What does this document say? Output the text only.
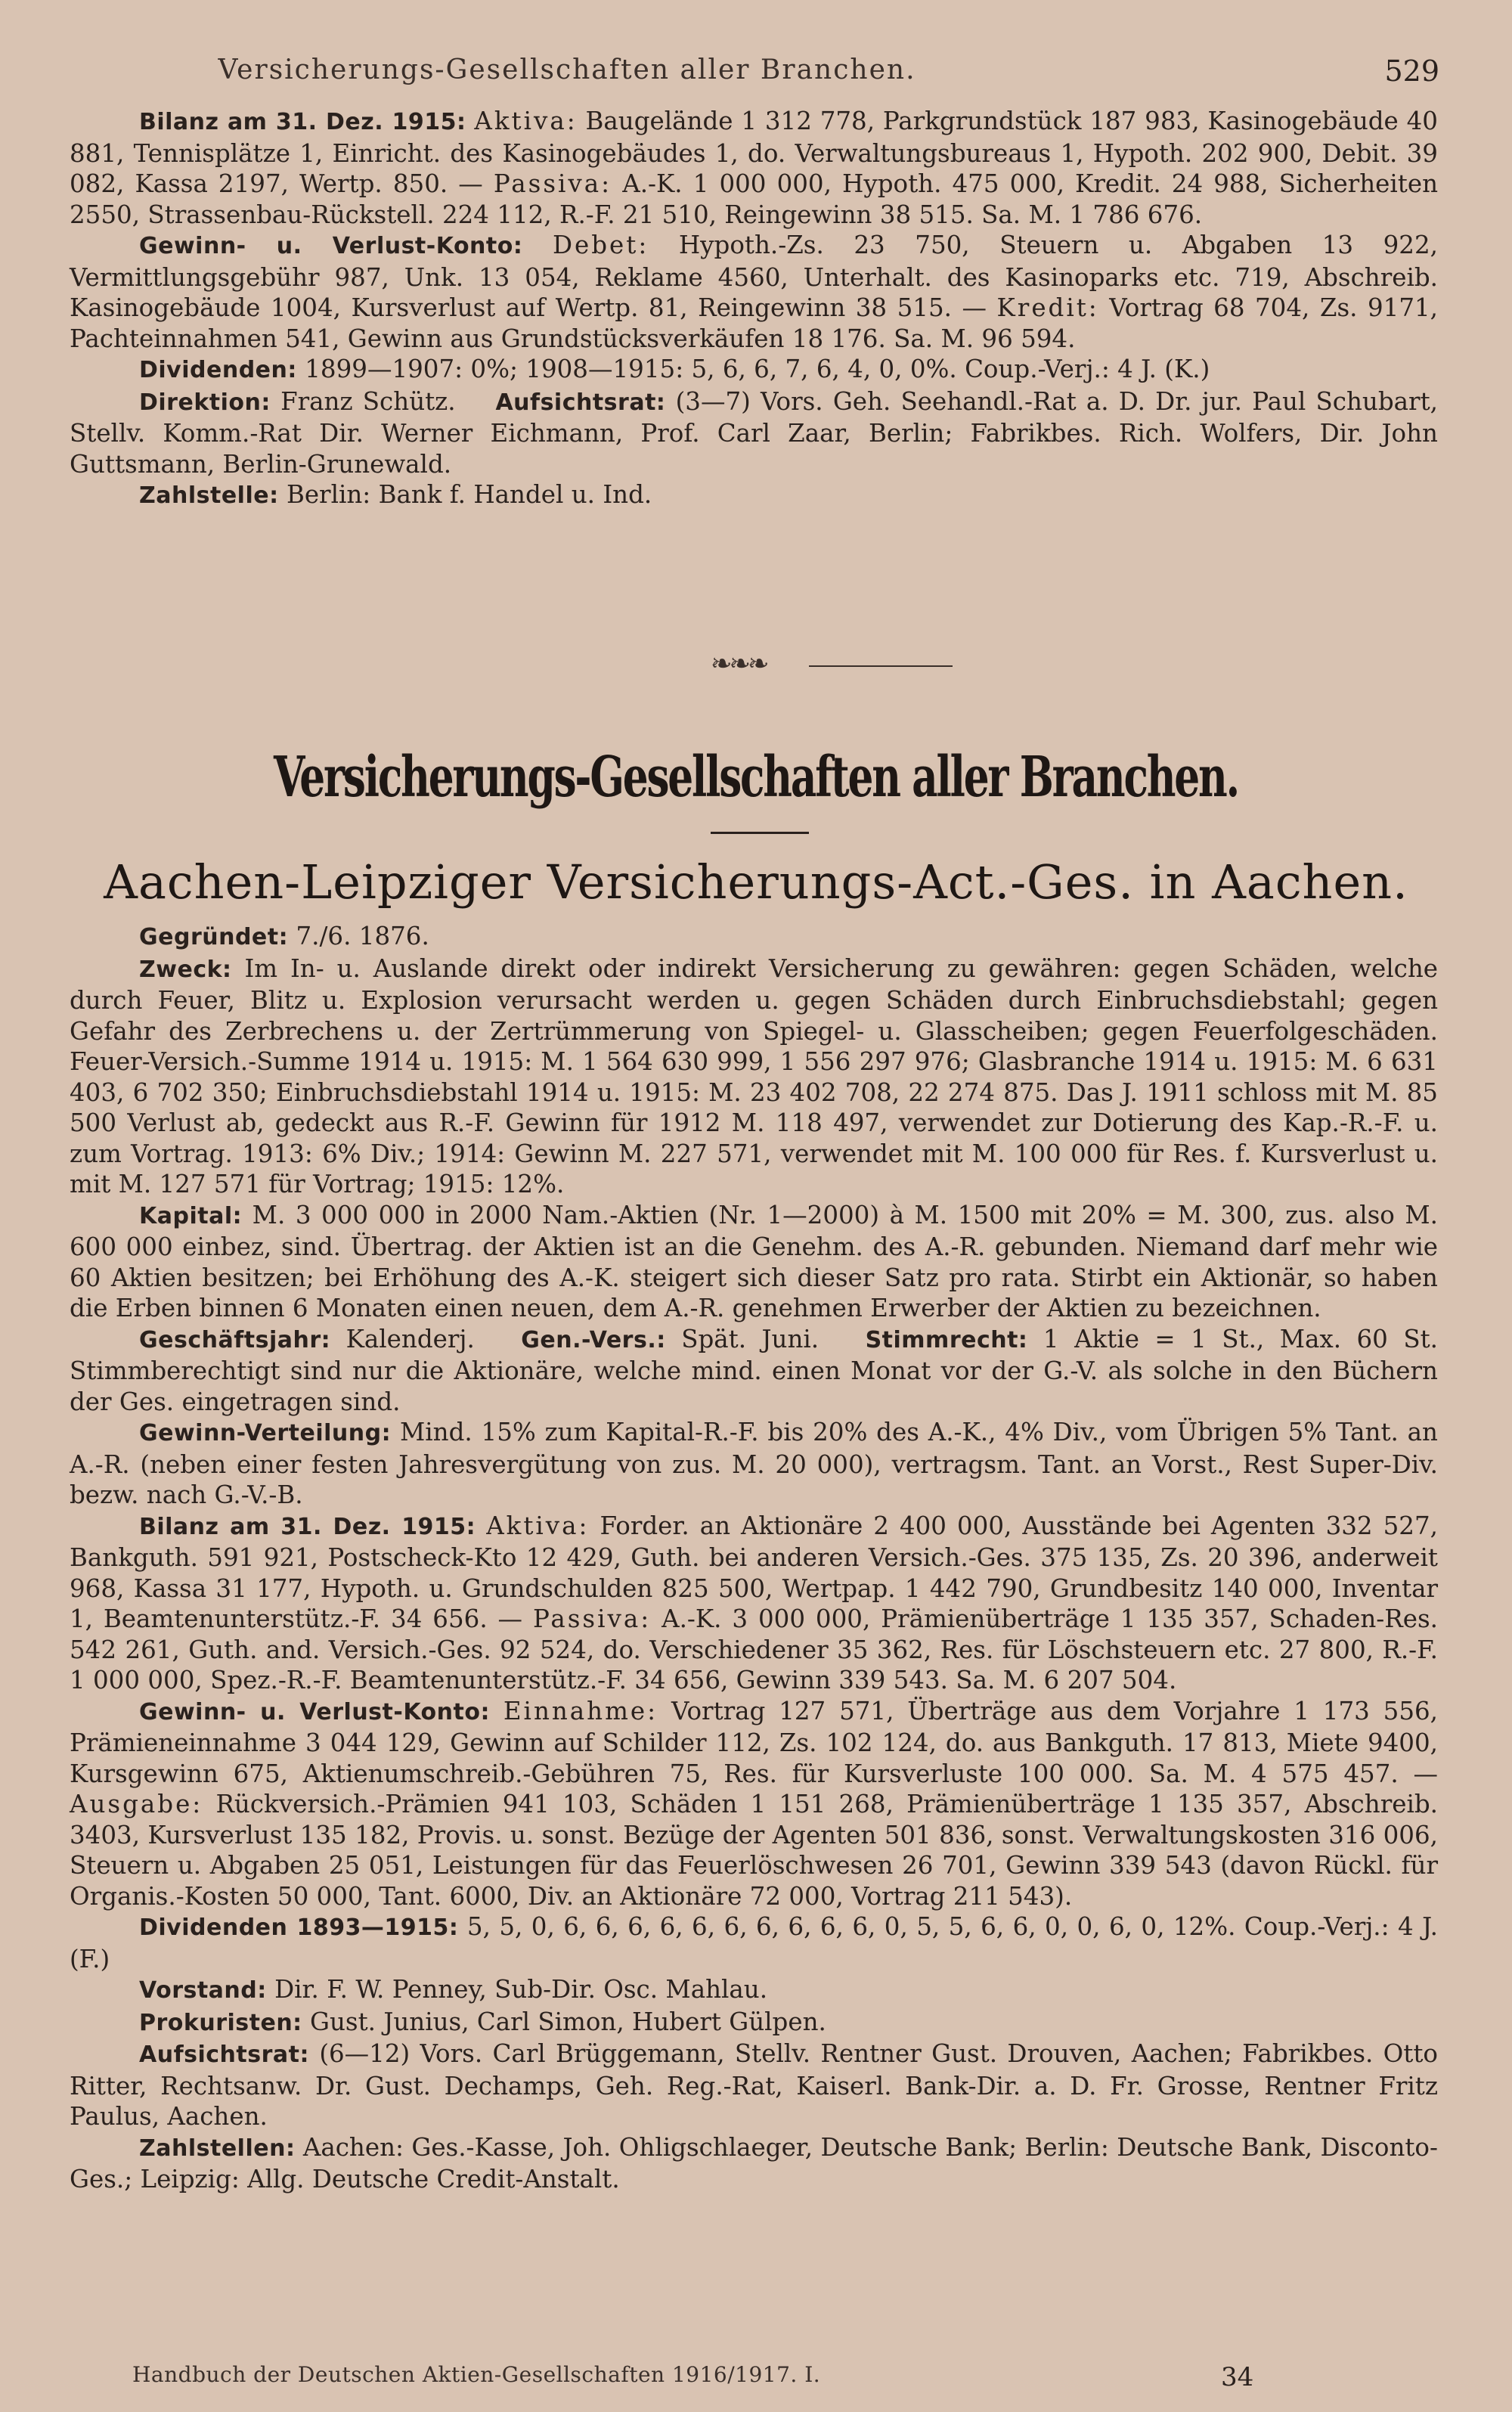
Versicherungs-Gesellschaften aller Branchen.	529

Bilanz am 31. Dez. 1915: Aktiva: Baugelände 1 312 778, Parkgrundstück 187 983, Kasinogebäude 40 881, Tennisplätze 1, Einricht. des Kasinogebäudes 1, do. Verwaltungsbureaus 1, Hypoth. 202 900, Debit. 39 082, Kassa 2197, Wertp. 850. — Passiva: A.-K. 1 000 000, Hypoth. 475 000, Kredit. 24 988, Sicherheiten 2550, Strassenbau-Rückstell. 224 112, R.-F. 21 510, Reingewinn 38 515. Sa. M. 1 786 676.

Gewinn- u. Verlust-Konto: Debet: Hypoth.-Zs. 23 750, Steuern u. Abgaben 13 922, Vermittlungsgebühr 987, Unk. 13 054, Reklame 4560, Unterhalt. des Kasinoparks etc. 719, Abschreib. Kasinogebäude 1004, Kursverlust auf Wertp. 81, Reingewinn 38 515. — Kredit: Vortrag 68 704, Zs. 9171, Pachteinnahmen 541, Gewinn aus Grundstücksverkäufen 18 176. Sa. M. 96 594.

Dividenden: 1899—1907: 0%; 1908—1915: 5, 6, 6, 7, 6, 4, 0, 0%. Coup.-Verj.: 4 J. (K.)

Direktion: Franz Schütz. Aufsichtsrat: (3—7) Vors. Geh. Seehandl.-Rat a. D. Dr. jur. Paul Schubart, Stellv. Komm.-Rat Dir. Werner Eichmann, Prof. Carl Zaar, Berlin; Fabrikbes. Rich. Wolfers, Dir. John Guttsmann, Berlin-Grunewald.

Zahlstelle: Berlin: Bank f. Handel u. Ind.

❧❧❧
Versicherungs-Gesellschaften aller Branchen.
Aachen-Leipziger Versicherungs-Act.-Ges. in Aachen.

Gegründet: 7./6. 1876.

Zweck: Im In- u. Auslande direkt oder indirekt Versicherung zu gewähren: gegen Schäden, welche durch Feuer, Blitz u. Explosion verursacht werden u. gegen Schäden durch Einbruchsdiebstahl; gegen Gefahr des Zerbrechens u. der Zertrümmerung von Spiegel- u. Glasscheiben; gegen Feuerfolgeschäden. Feuer-Versich.-Summe 1914 u. 1915: M. 1 564 630 999, 1 556 297 976; Glasbranche 1914 u. 1915: M. 6 631 403, 6 702 350; Einbruchsdiebstahl 1914 u. 1915: M. 23 402 708, 22 274 875. Das J. 1911 schloss mit M. 85 500 Verlust ab, gedeckt aus R.-F. Gewinn für 1912 M. 118 497, verwendet zur Dotierung des Kap.-R.-F. u. zum Vortrag. 1913: 6% Div.; 1914: Gewinn M. 227 571, verwendet mit M. 100 000 für Res. f. Kursverlust u. mit M. 127 571 für Vortrag; 1915: 12%.

Kapital: M. 3 000 000 in 2000 Nam.-Aktien (Nr. 1—2000) à M. 1500 mit 20% = M. 300, zus. also M. 600 000 einbez, sind. Übertrag. der Aktien ist an die Genehm. des A.-R. gebunden. Niemand darf mehr wie 60 Aktien besitzen; bei Erhöhung des A.-K. steigert sich dieser Satz pro rata. Stirbt ein Aktionär, so haben die Erben binnen 6 Monaten einen neuen, dem A.-R. genehmen Erwerber der Aktien zu bezeichnen.

Geschäftsjahr: Kalenderj. Gen.-Vers.: Spät. Juni. Stimmrecht: 1 Aktie = 1 St., Max. 60 St. Stimmberechtigt sind nur die Aktionäre, welche mind. einen Monat vor der G.-V. als solche in den Büchern der Ges. eingetragen sind.

Gewinn-Verteilung: Mind. 15% zum Kapital-R.-F. bis 20% des A.-K., 4% Div., vom Übrigen 5% Tant. an A.-R. (neben einer festen Jahresvergütung von zus. M. 20 000), vertragsm. Tant. an Vorst., Rest Super-Div. bezw. nach G.-V.-B.

Bilanz am 31. Dez. 1915: Aktiva: Forder. an Aktionäre 2 400 000, Ausstände bei Agenten 332 527, Bankguth. 591 921, Postscheck-Kto 12 429, Guth. bei anderen Versich.-Ges. 375 135, Zs. 20 396, anderweit 968, Kassa 31 177, Hypoth. u. Grundschulden 825 500, Wertpap. 1 442 790, Grundbesitz 140 000, Inventar 1, Beamtenunterstütz.-F. 34 656. — Passiva: A.-K. 3 000 000, Prämienüberträge 1 135 357, Schaden-Res. 542 261, Guth. and. Versich.-Ges. 92 524, do. Verschiedener 35 362, Res. für Löschsteuern etc. 27 800, R.-F. 1 000 000, Spez.-R.-F. Beamtenunterstütz.-F. 34 656, Gewinn 339 543. Sa. M. 6 207 504.

Gewinn- u. Verlust-Konto: Einnahme: Vortrag 127 571, Überträge aus dem Vorjahre 1 173 556, Prämieneinnahme 3 044 129, Gewinn auf Schilder 112, Zs. 102 124, do. aus Bankguth. 17 813, Miete 9400, Kursgewinn 675, Aktienumschreib.-Gebühren 75, Res. für Kursverluste 100 000. Sa. M. 4 575 457. — Ausgabe: Rückversich.-Prämien 941 103, Schäden 1 151 268, Prämienüberträge 1 135 357, Abschreib. 3403, Kursverlust 135 182, Provis. u. sonst. Bezüge der Agenten 501 836, sonst. Verwaltungskosten 316 006, Steuern u. Abgaben 25 051, Leistungen für das Feuerlöschwesen 26 701, Gewinn 339 543 (davon Rückl. für Organis.-Kosten 50 000, Tant. 6000, Div. an Aktionäre 72 000, Vortrag 211 543).

Dividenden 1893—1915: 5, 5, 0, 6, 6, 6, 6, 6, 6, 6, 6, 6, 6, 0, 5, 5, 6, 6, 0, 0, 6, 0, 12%. Coup.-Verj.: 4 J. (F.)

Vorstand: Dir. F. W. Penney, Sub-Dir. Osc. Mahlau.

Prokuristen: Gust. Junius, Carl Simon, Hubert Gülpen.

Aufsichtsrat: (6—12) Vors. Carl Brüggemann, Stellv. Rentner Gust. Drouven, Aachen; Fabrikbes. Otto Ritter, Rechtsanw. Dr. Gust. Dechamps, Geh. Reg.-Rat, Kaiserl. Bank-Dir. a. D. Fr. Grosse, Rentner Fritz Paulus, Aachen.

Zahlstellen: Aachen: Ges.-Kasse, Joh. Ohligschlaeger, Deutsche Bank; Berlin: Deutsche Bank, Disconto-Ges.; Leipzig: Allg. Deutsche Credit-Anstalt.

Handbuch der Deutschen Aktien-Gesellschaften 1916/1917. I.	34
